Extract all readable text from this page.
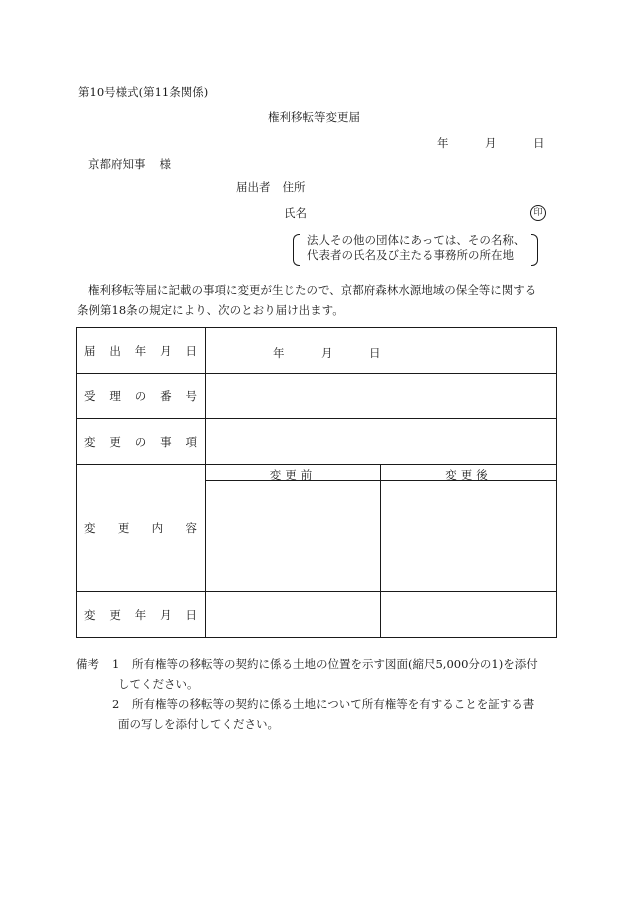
第10号様式(第11条関係)
権利移転等変更届
年	月	日
京都府知事 様
届出者 住所
氏名	印
法人その他の団体にあっては、その名称、
代表者の氏名及び主たる事務所の所在地
権利移転等届に記載の事項に変更が生じたので、京都府森林水源地域の保全等に関する
条例第18条の規定により、次のとおり届け出ます。
届 出 年 月 日	年	月	日
受 理 の 番 号
変 更 の 事 項
変 更 内 容
変更前	変更後
変 更 年 月 日
備考 1 所有権等の移転等の契約に係る土地の位置を示す図面(縮尺5,000分の1)を添付
してください。
2 所有権等の移転等の契約に係る土地について所有権等を有することを証する書
面の写しを添付してください。
